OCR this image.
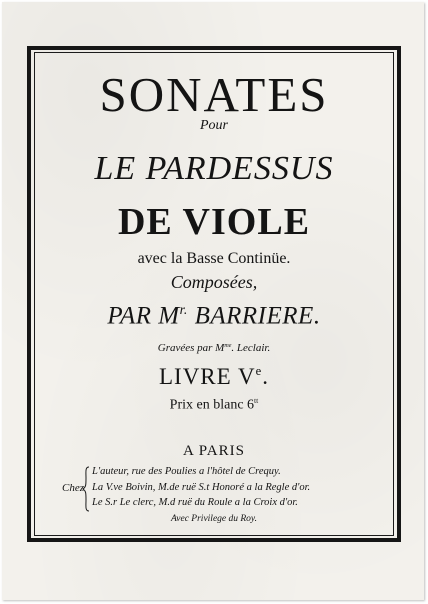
SONATES
Pour
LE PARDESSUS
DE VIOLE
avec la Basse Continüe.
Composées,
PAR $M^{r.}$ BARRIERE.
Gravées par $M^{me}$. Leclair.
LIVRE Ve.
Prix en blanc $6^{tt}$
A PARIS
Avec Privilege du Roy.
Chez
L'auteur, rue des Poulies a l'hôtel de Crequy.
La V.ve Boivin, M.de ruë S.t Honoré a la Regle d'or.
Le S.r Le clerc, M.d ruë du Roule a la Croix d'or.
